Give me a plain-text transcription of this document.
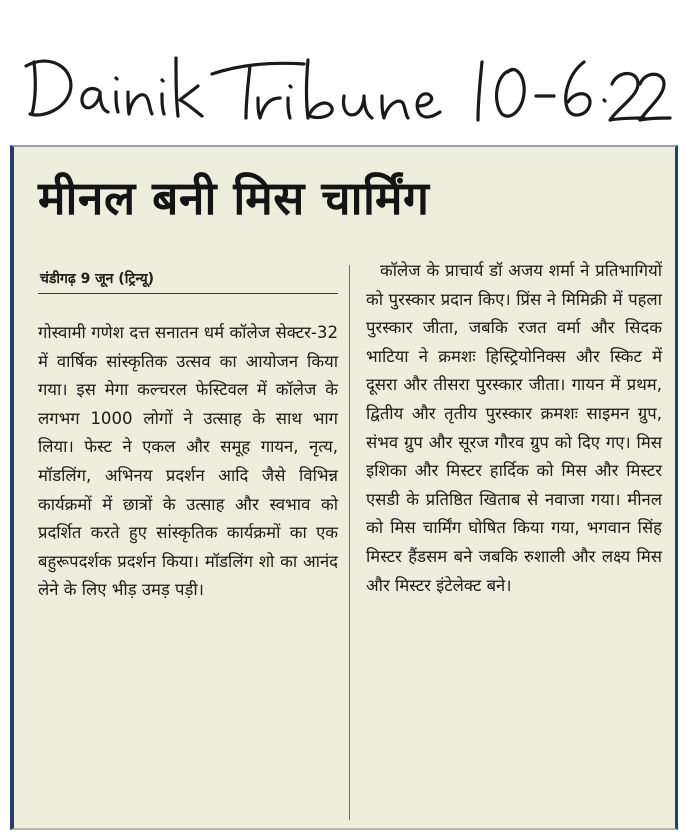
मीनल बनी मिस चार्मिंग
चंडीगढ़ 9 जून (ट्रिन्यू)

गोस्वामी गणेश दत्त सनातन धर्म कॉलेज सेक्टर-32 में वार्षिक सांस्कृतिक उत्सव का आयोजन किया गया। इस मेगा कल्चरल फेस्टिवल में कॉलेज के लगभग 1000 लोगों ने उत्साह के साथ भाग लिया। फेस्ट ने एकल और समूह गायन, नृत्य, मॉडलिंग, अभिनय प्रदर्शन आदि जैसे विभिन्न कार्यक्रमों में छात्रों के उत्साह और स्वभाव को प्रदर्शित करते हुए सांस्कृतिक कार्यक्रमों का एक बहुरूपदर्शक प्रदर्शन किया। मॉडलिंग शो का आनंद लेने के लिए भीड़ उमड़ पड़ी।

कॉलेज के प्राचार्य डॉ अजय शर्मा ने प्रतिभागियों को पुरस्कार प्रदान किए। प्रिंस ने मिमिक्री में पहला पुरस्कार जीता, जबकि रजत वर्मा और सिदक भाटिया ने क्रमशः हिस्ट्रियोनिक्स और स्किट में दूसरा और तीसरा पुरस्कार जीता। गायन में प्रथम, द्वितीय और तृतीय पुरस्कार क्रमशः साइमन ग्रुप, संभव ग्रुप और सूरज गौरव ग्रुप को दिए गए। मिस इशिका और मिस्टर हार्दिक को मिस और मिस्टर एसडी के प्रतिष्ठित खिताब से नवाजा गया। मीनल को मिस चार्मिंग घोषित किया गया, भगवान सिंह मिस्टर हैंडसम बने जबकि रुशाली और लक्ष्य मिस और मिस्टर इंटेलेक्ट बने।
